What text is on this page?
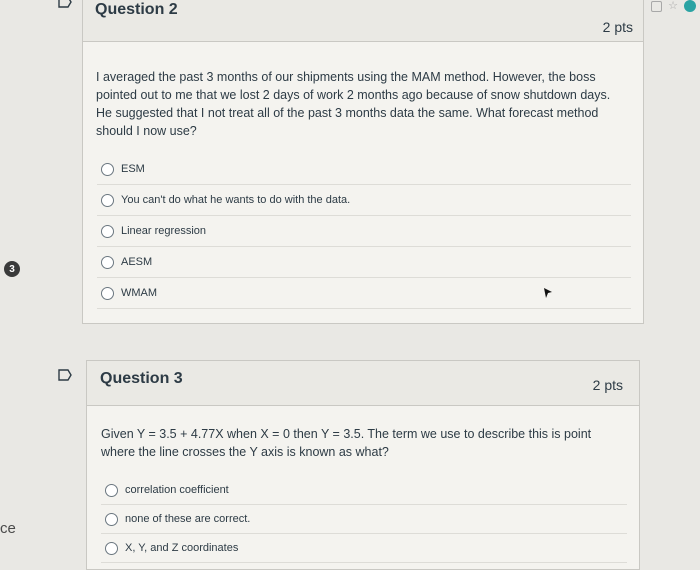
3
ce
☆
Question 2
2 pts
I averaged the past 3 months of our shipments using the MAM method. However, the boss pointed out to me that we lost 2 days of work 2 months ago because of snow shutdown days. He suggested that I not treat all of the past 3 months data the same. What forecast method should I now use?
ESM
You can't do what he wants to do with the data.
Linear regression
AESM
WMAM
Question 3	2 pts
Given Y = 3.5 + 4.77X when X = 0 then Y = 3.5. The term we use to describe this is point where the line crosses the Y axis is known as what?
correlation coefficient
none of these are correct.
X, Y, and Z coordinates
